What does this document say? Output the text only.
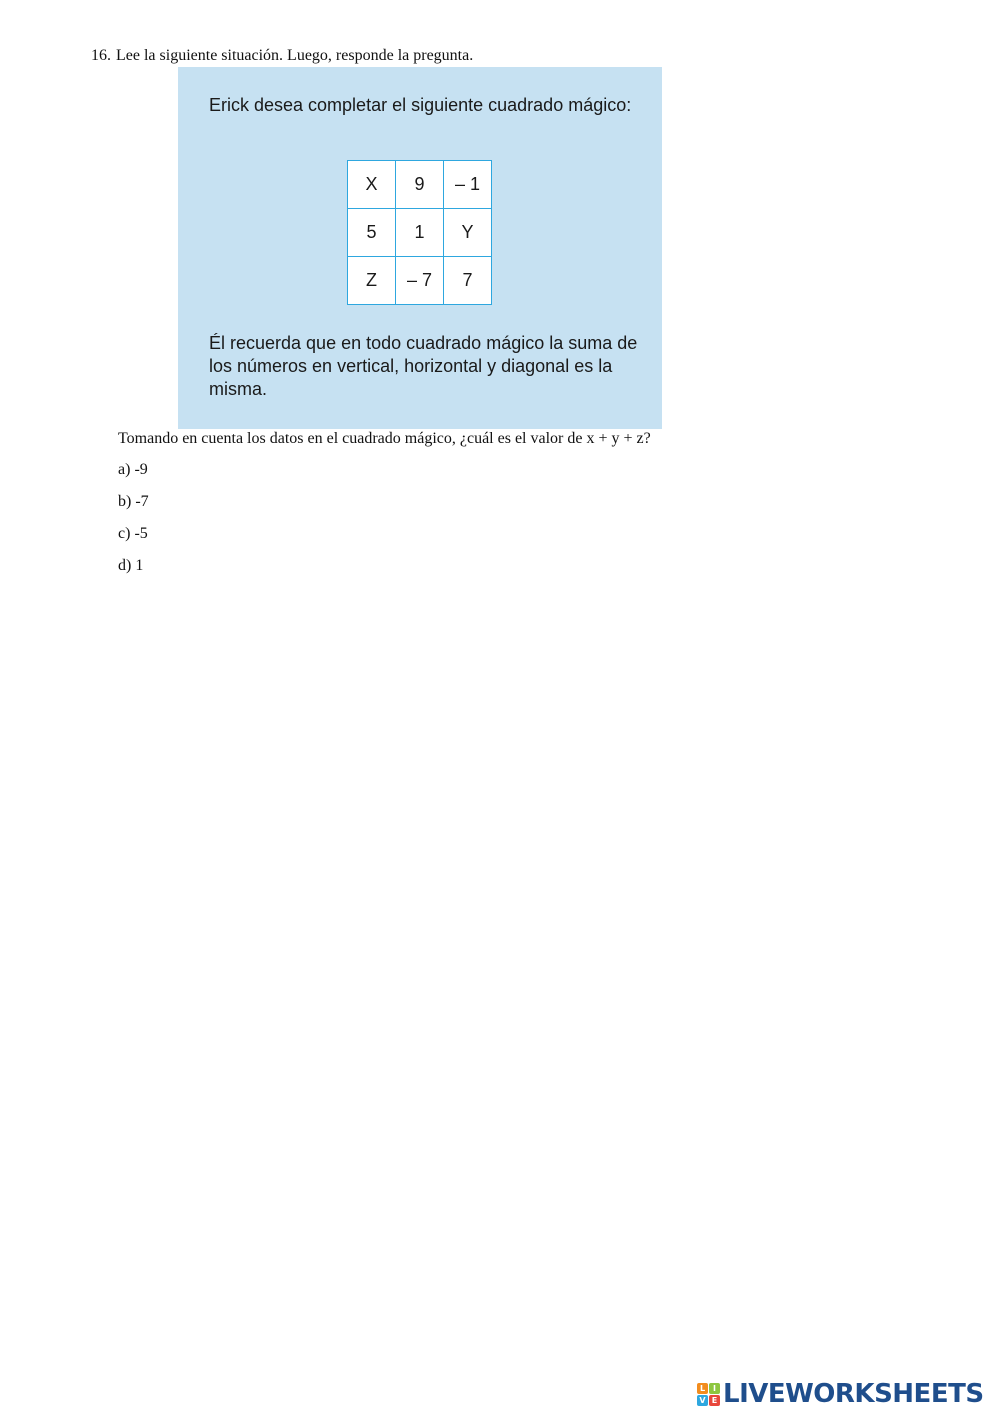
16. Lee la siguiente situación. Luego, responde la pregunta.
Erick desea completar el siguiente cuadrado mágico:
X	9	– 1
5	1	Y
Z	– 7	7
Él recuerda que en todo cuadrado mágico la suma de los números en vertical, horizontal y diagonal es la misma.
Tomando en cuenta los datos en el cuadrado mágico, ¿cuál es el valor de x + y + z?
a) -9
b) -7
c) -5
d) 1
L I
V E LIVEWORKSHEETS
